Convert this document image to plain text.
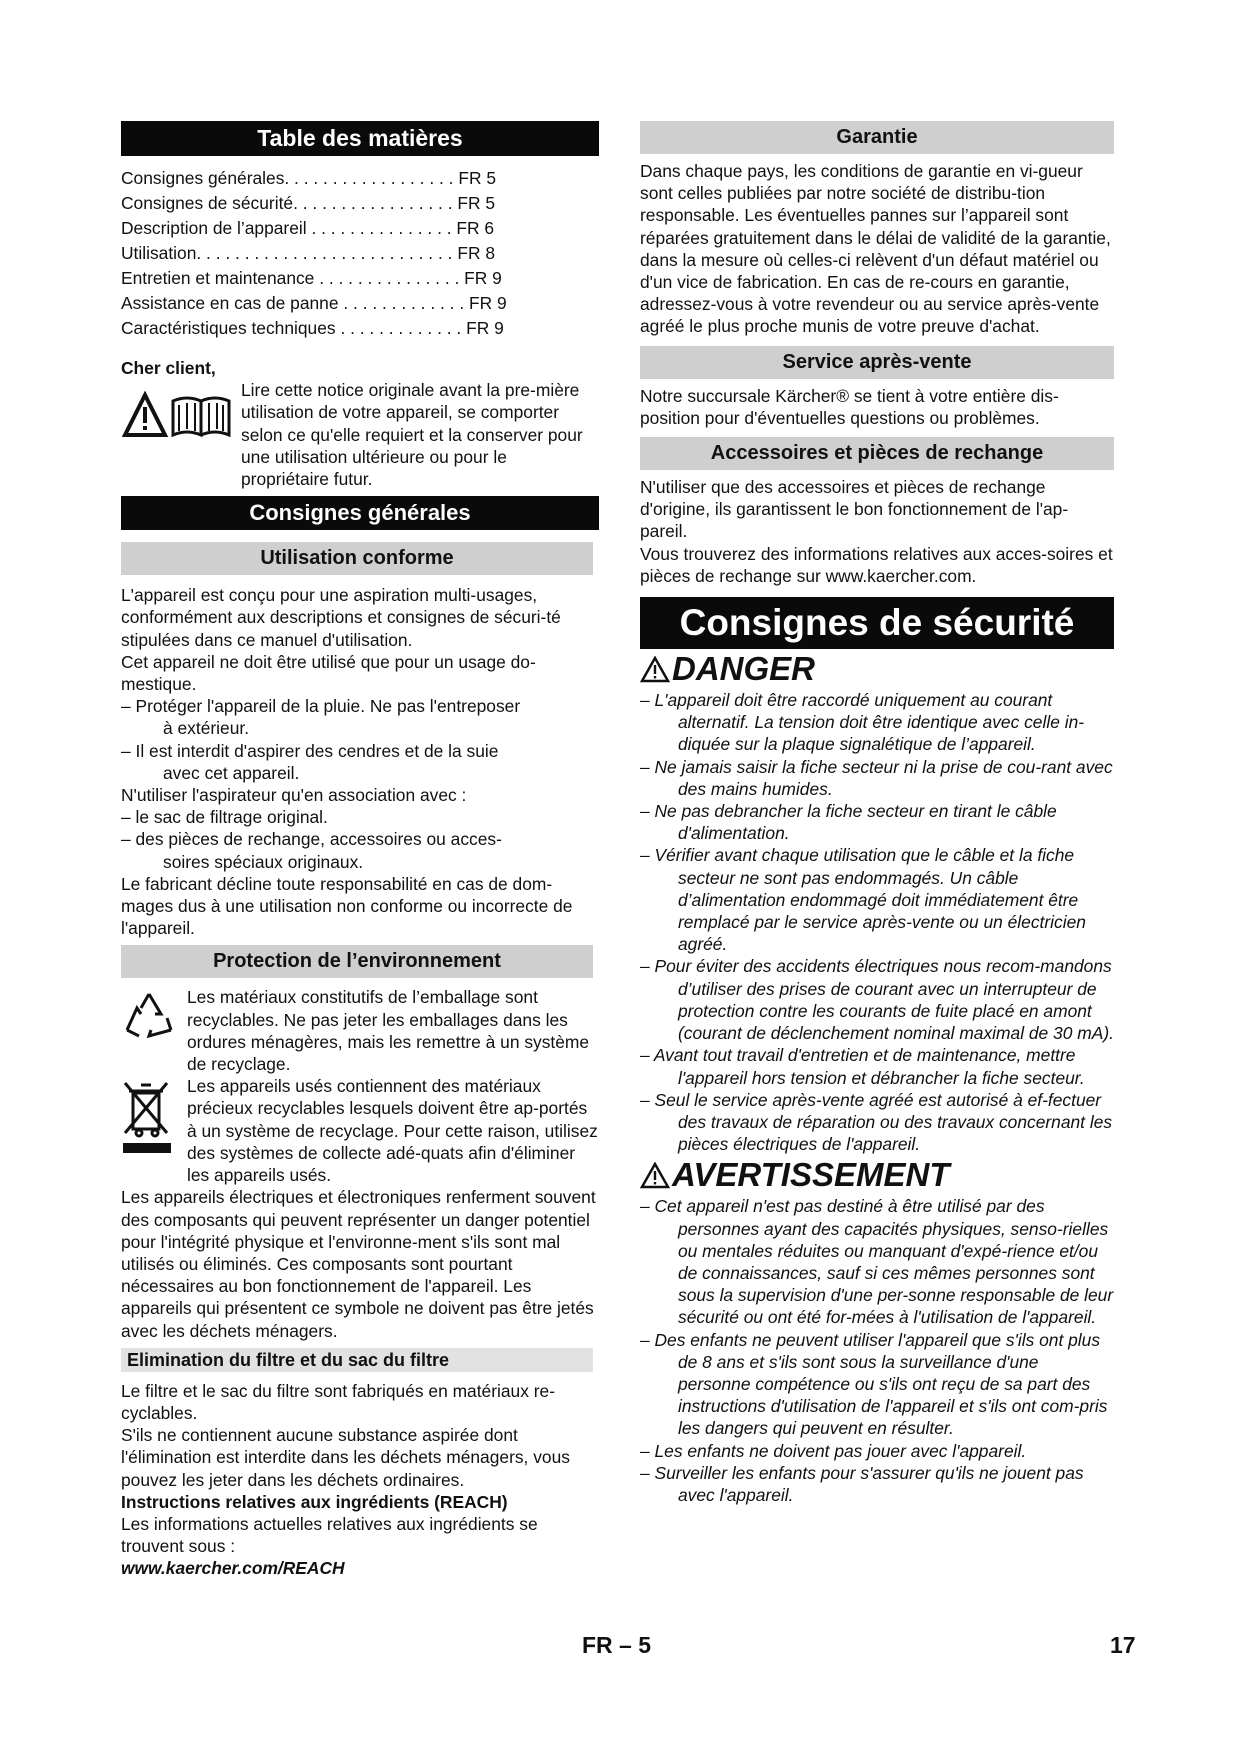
Table des matières
Consignes générales. . . . . . . . . . . . . . . . . . FR 5
Consignes de sécurité. . . . . . . . . . . . . . . . . FR 5
Description de l’appareil . . . . . . . . . . . . . . . FR 6
Utilisation. . . . . . . . . . . . . . . . . . . . . . . . . . . FR 8
Entretien et maintenance . . . . . . . . . . . . . . . FR 9
Assistance en cas de panne . . . . . . . . . . . . . FR 9
Caractéristiques techniques . . . . . . . . . . . . . FR 9
Cher client,
Lire cette notice originale avant la pre-mière utilisation de votre appareil, se comporter selon ce qu'elle requiert et la conserver pour une utilisation ultérieure ou pour le propriétaire futur.
Consignes générales
Utilisation conforme
L'appareil est conçu pour une aspiration multi-usages, conformément aux descriptions et consignes de sécuri-té stipulées dans ce manuel d'utilisation.
Cet appareil ne doit être utilisé que pour un usage do-mestique.
– Protéger l'appareil de la pluie. Ne pas l'entreposer à extérieur.
– Il est interdit d'aspirer des cendres et de la suie avec cet appareil.
N'utiliser l'aspirateur qu'en association avec :
– le sac de filtrage original.
– des pièces de rechange, accessoires ou acces-soires spéciaux originaux.
Le fabricant décline toute responsabilité en cas de dom-mages dus à une utilisation non conforme ou incorrecte de l'appareil.
Protection de l’environnement
Les matériaux constitutifs de l’emballage sont recyclables. Ne pas jeter les emballages dans les ordures ménagères, mais les remettre à un système de recyclage.
Les appareils usés contiennent des matériaux précieux recyclables lesquels doivent être ap-portés à un système de recyclage. Pour cette raison, utilisez des systèmes de collecte adé-quats afin d'éliminer les appareils usés.
Les appareils électriques et électroniques renferment souvent des composants qui peuvent représenter un danger potentiel pour l'intégrité physique et l'environne-ment s'ils sont mal utilisés ou éliminés. Ces composants sont pourtant nécessaires au bon fonctionnement de l'appareil. Les appareils qui présentent ce symbole ne doivent pas être jetés avec les déchets ménagers.
Elimination du filtre et du sac du filtre
Le filtre et le sac du filtre sont fabriqués en matériaux re-cyclables.
S'ils ne contiennent aucune substance aspirée dont l'élimination est interdite dans les déchets ménagers, vous pouvez les jeter dans les déchets ordinaires.
Instructions relatives aux ingrédients (REACH)
Les informations actuelles relatives aux ingrédients se trouvent sous :
www.kaercher.com/REACH
Garantie
Dans chaque pays, les conditions de garantie en vi-gueur sont celles publiées par notre société de distribu-tion responsable. Les éventuelles pannes sur l’appareil sont réparées gratuitement dans le délai de validité de la garantie, dans la mesure où celles-ci relèvent d'un défaut matériel ou d'un vice de fabrication. En cas de re-cours en garantie, adressez-vous à votre revendeur ou au service après-vente agréé le plus proche munis de votre preuve d'achat.
Service après-vente
Notre succursale Kärcher® se tient à votre entière dis-position pour d'éventuelles questions ou problèmes.
Accessoires et pièces de rechange
N'utiliser que des accessoires et pièces de rechange d'origine, ils garantissent le bon fonctionnement de l'ap-pareil.
Vous trouverez des informations relatives aux acces-soires et pièces de rechange sur www.kaercher.com.
Consignes de sécurité
DANGER
– L'appareil doit être raccordé uniquement au courant alternatif. La tension doit être identique avec celle in-diquée sur la plaque signalétique de l’appareil.
– Ne jamais saisir la fiche secteur ni la prise de cou-rant avec des mains humides.
– Ne pas debrancher la fiche secteur en tirant le câble d'alimentation.
– Vérifier avant chaque utilisation que le câble et la fiche secteur ne sont pas endommagés. Un câble d’alimentation endommagé doit immédiatement être remplacé par le service après-vente ou un électricien agréé.
– Pour éviter des accidents électriques nous recom-mandons d’utiliser des prises de courant avec un interrupteur de protection contre les courants de fuite placé en amont (courant de déclenchement nominal maximal de 30 mA).
– Avant tout travail d'entretien et de maintenance, mettre l'appareil hors tension et débrancher la fiche secteur.
– Seul le service après-vente agréé est autorisé à ef-fectuer des travaux de réparation ou des travaux concernant les pièces électriques de l'appareil.
AVERTISSEMENT
– Cet appareil n'est pas destiné à être utilisé par des personnes ayant des capacités physiques, senso-rielles ou mentales réduites ou manquant d'expé-rience et/ou de connaissances, sauf si ces mêmes personnes sont sous la supervision d'une per-sonne responsable de leur sécurité ou ont été for-mées à l'utilisation de l'appareil.
– Des enfants ne peuvent utiliser l'appareil que s'ils ont plus de 8 ans et s'ils sont sous la surveillance d'une personne compétence ou s'ils ont reçu de sa part des instructions d'utilisation de l'appareil et s'ils ont com-pris les dangers qui peuvent en résulter.
– Les enfants ne doivent pas jouer avec l'appareil.
– Surveiller les enfants pour s'assurer qu'ils ne jouent pas avec l'appareil.
FR – 5	17
